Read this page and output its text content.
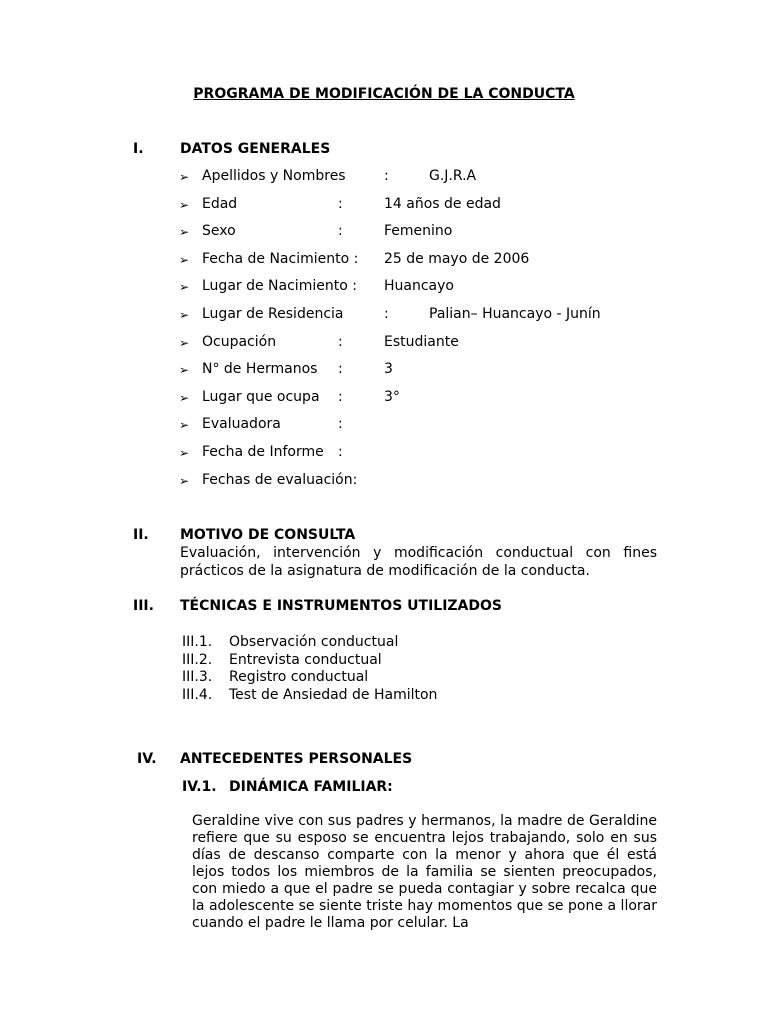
PROGRAMA DE MODIFICACIÓN DE LA CONDUCTA
I.	DATOS GENERALES
➢ Apellidos y Nombres	:	G.J.R.A
➢ Edad	:	14 años de edad
➢ Sexo	:	Femenino
➢ Fecha de Nacimiento : 25 de mayo de 2006
➢ Lugar de Nacimiento : Huancayo
➢ Lugar de Residencia	:	Palian– Huancayo - Junín
➢ Ocupación	:	Estudiante
➢ N° de Hermanos :	3
➢ Lugar que ocupa :	3°
➢ Evaluadora	:
➢ Fecha de Informe :
➢ Fechas de evaluación:
II. MOTIVO DE CONSULTA
Evaluación, intervención y modificación conductual con fines prácticos de la asignatura de modificación de la conducta.
III. TÉCNICAS E INSTRUMENTOS UTILIZADOS
III.1. Observación conductual
III.2. Entrevista conductual
III.3. Registro conductual
III.4. Test de Ansiedad de Hamilton
IV. ANTECEDENTES PERSONALES
IV.1. DINÁMICA FAMILIAR:
Geraldine vive con sus padres y hermanos, la madre de Geraldine refiere que su esposo se encuentra lejos trabajando, solo en sus días de descanso comparte con la menor y ahora que él está lejos todos los miembros de la familia se sienten preocupados, con miedo a que el padre se pueda contagiar y sobre recalca que la adolescente se siente triste hay momentos que se pone a llorar cuando el padre le llama por celular. La
